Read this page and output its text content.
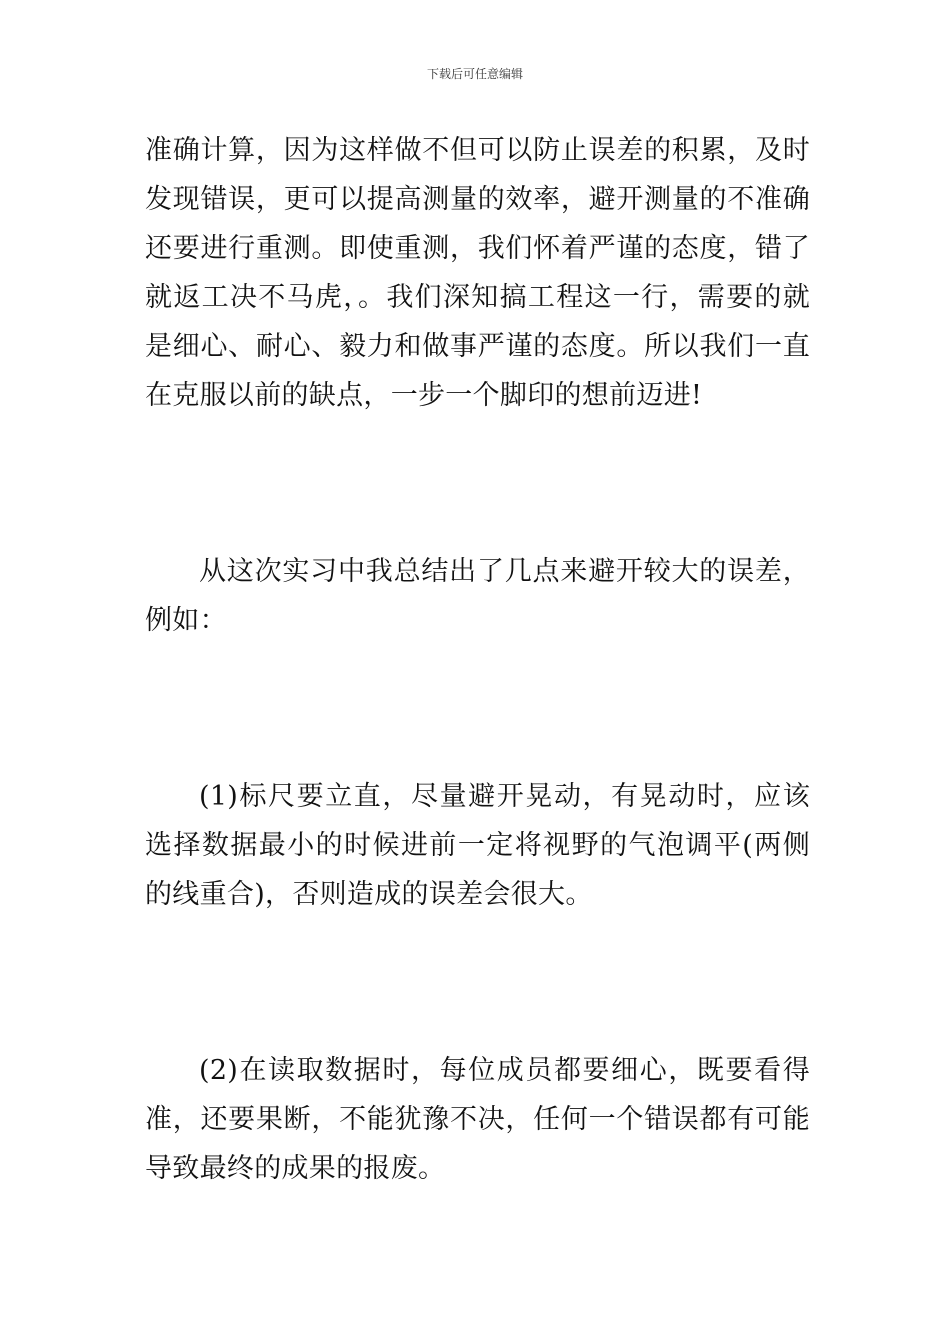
下载后可任意编辑

准确计算，因为这样做不但可以防止误差的积累，及时发现错误，更可以提高测量的效率，避开测量的不准确还要进行重测。即使重测，我们怀着严谨的态度，错了就返工决不马虎，。我们深知搞工程这一行，需要的就是细心、耐心、毅力和做事严谨的态度。所以我们一直在克服以前的缺点，一步一个脚印的想前迈进!

从这次实习中我总结出了几点来避开较大的误差，例如：

(1)标尺要立直，尽量避开晃动，有晃动时，应该选择数据最小的时候进前一定将视野的气泡调平(两侧的线重合)，否则造成的误差会很大。

(2)在读取数据时，每位成员都要细心，既要看得准，还要果断，不能犹豫不决，任何一个错误都有可能导致最终的成果的报废。
